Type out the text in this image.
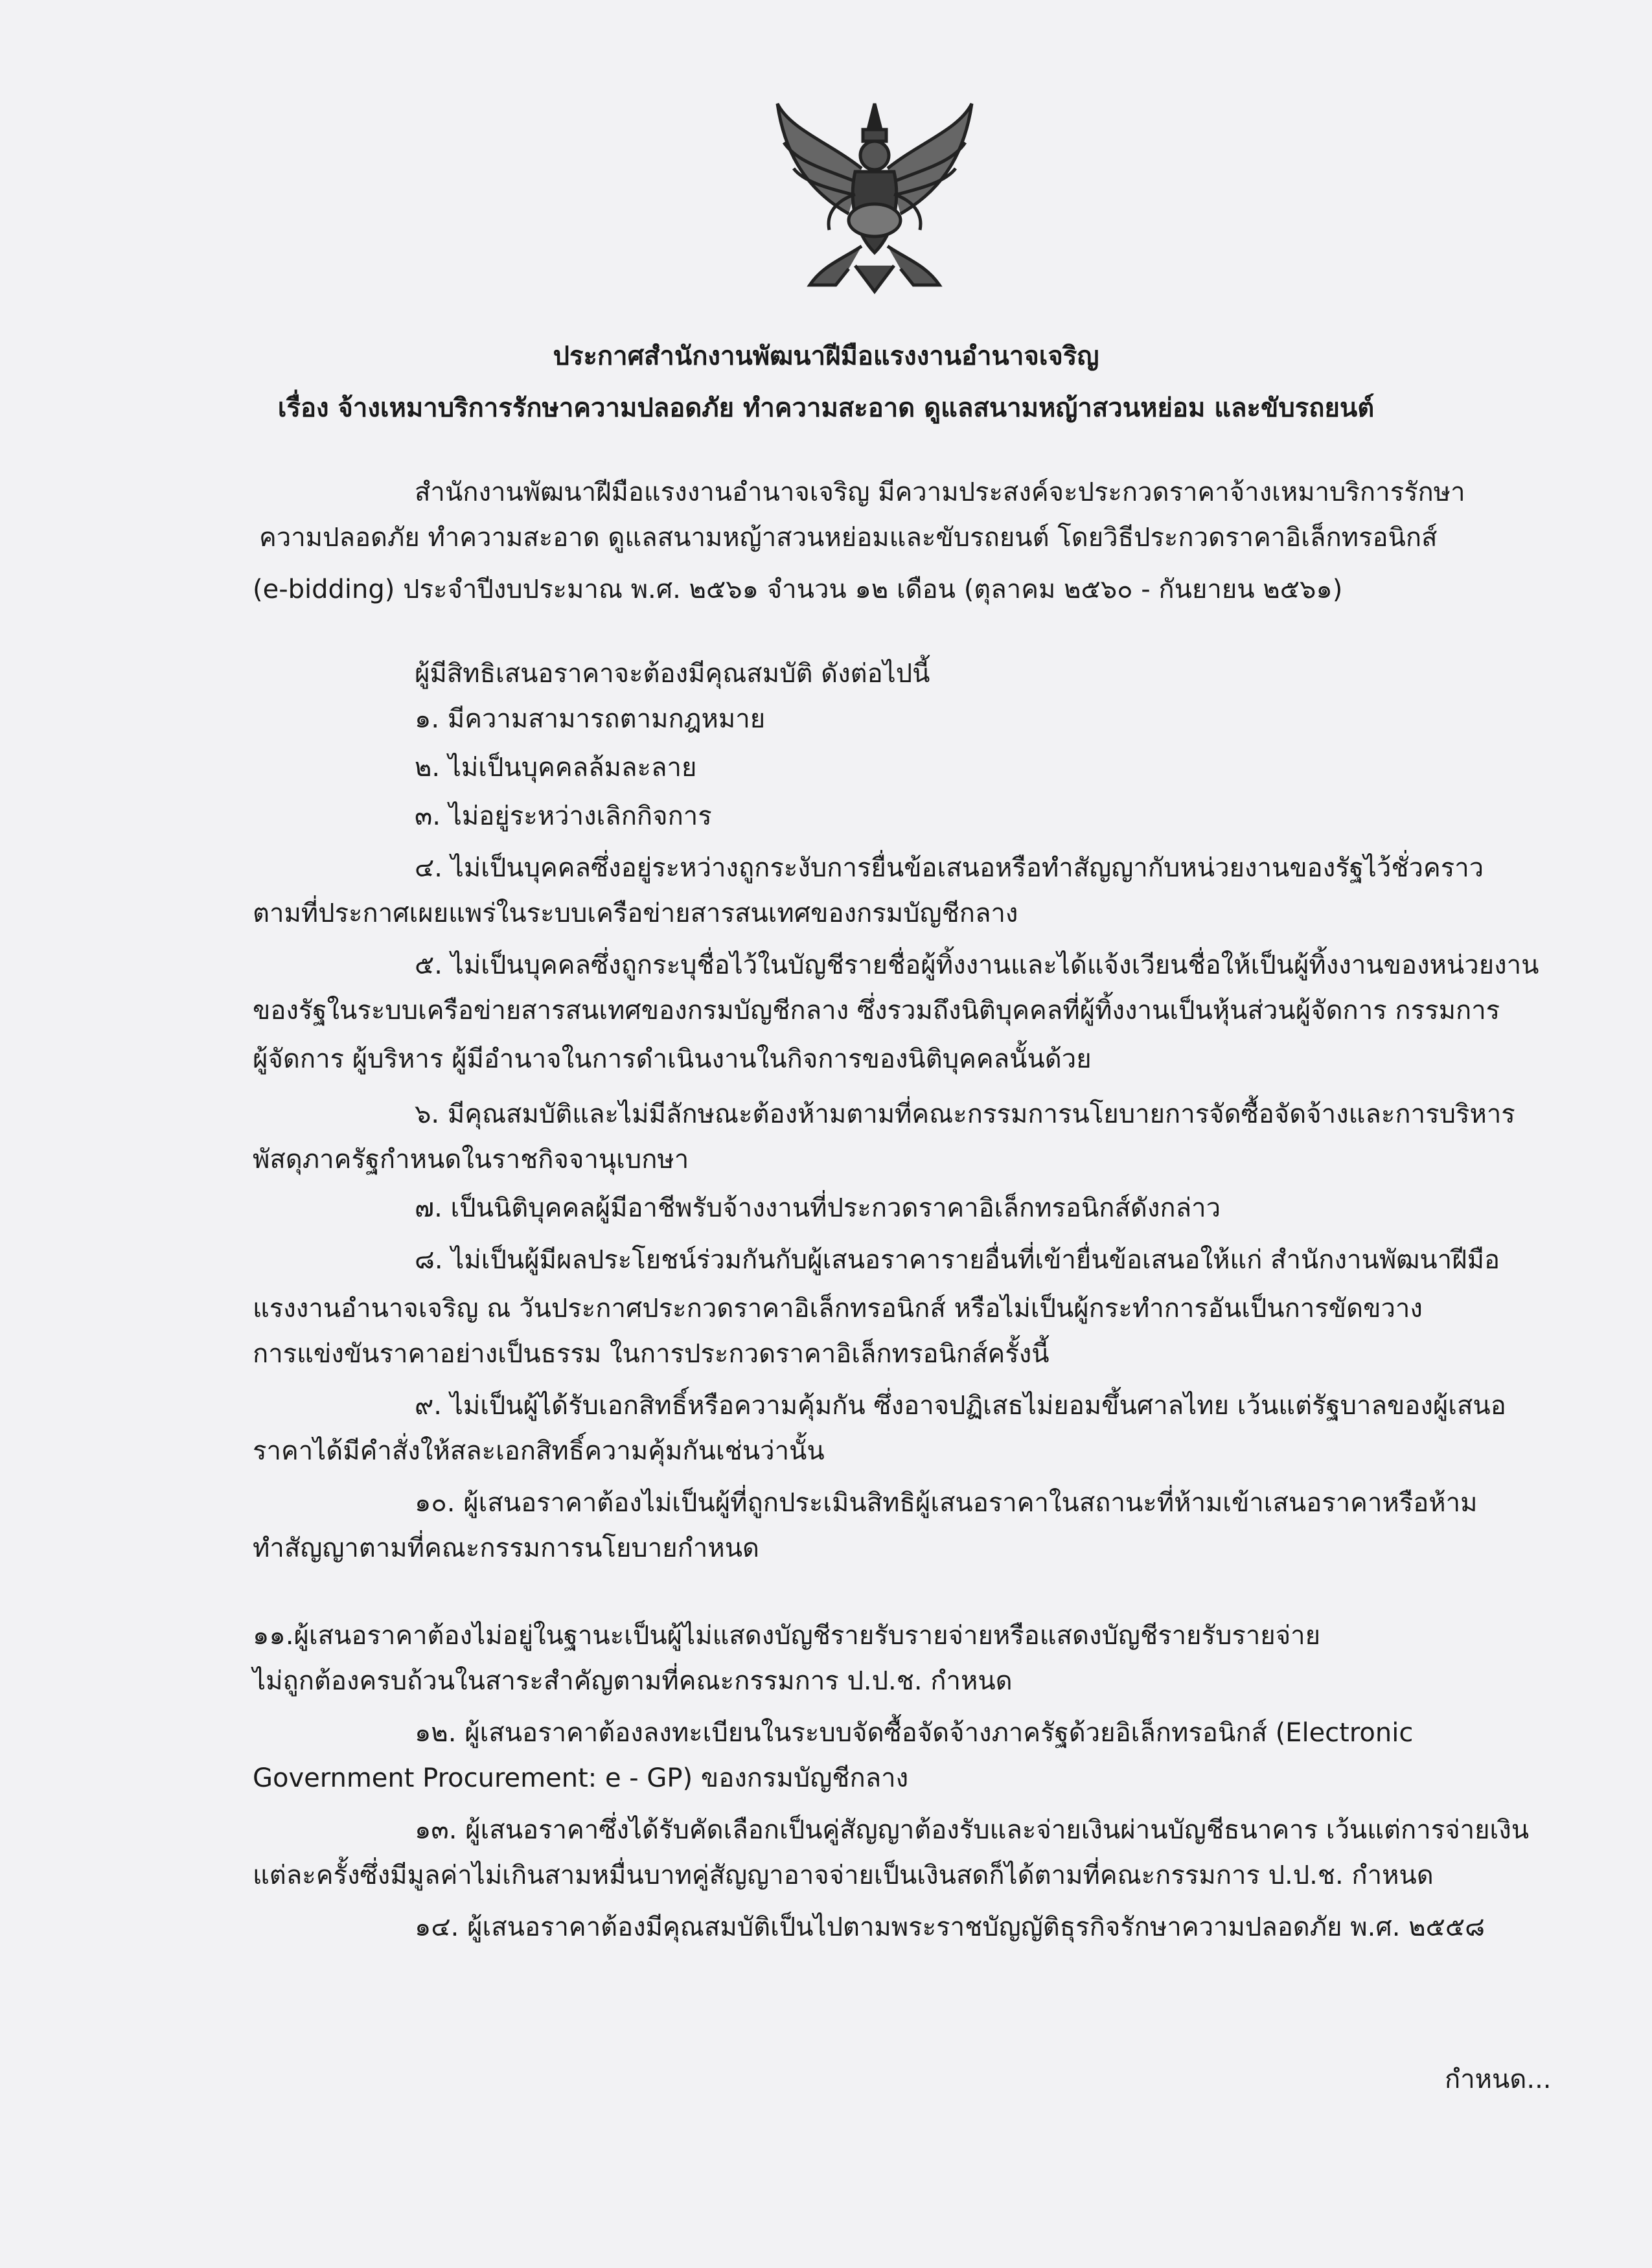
ประกาศสำนักงานพัฒนาฝีมือแรงงานอำนาจเจริญ
เรื่อง จ้างเหมาบริการรักษาความปลอดภัย ทำความสะอาด ดูแลสนามหญ้าสวนหย่อม และขับรถยนต์
สำนักงานพัฒนาฝีมือแรงงานอำนาจเจริญ มีความประสงค์จะประกวดราคาจ้างเหมาบริการรักษา
ความปลอดภัย ทำความสะอาด ดูแลสนามหญ้าสวนหย่อมและขับรถยนต์ โดยวิธีประกวดราคาอิเล็กทรอนิกส์
(e-bidding) ประจำปีงบประมาณ พ.ศ. ๒๕๖๑ จำนวน ๑๒ เดือน (ตุลาคม ๒๕๖๐ - กันยายน ๒๕๖๑)
ผู้มีสิทธิเสนอราคาจะต้องมีคุณสมบัติ ดังต่อไปนี้
๑. มีความสามารถตามกฎหมาย
๒. ไม่เป็นบุคคลล้มละลาย
๓. ไม่อยู่ระหว่างเลิกกิจการ
๔. ไม่เป็นบุคคลซึ่งอยู่ระหว่างถูกระงับการยื่นข้อเสนอหรือทำสัญญากับหน่วยงานของรัฐไว้ชั่วคราว
ตามที่ประกาศเผยแพร่ในระบบเครือข่ายสารสนเทศของกรมบัญชีกลาง
๕. ไม่เป็นบุคคลซึ่งถูกระบุชื่อไว้ในบัญชีรายชื่อผู้ทิ้งงานและได้แจ้งเวียนชื่อให้เป็นผู้ทิ้งงานของหน่วยงาน
ของรัฐในระบบเครือข่ายสารสนเทศของกรมบัญชีกลาง ซึ่งรวมถึงนิติบุคคลที่ผู้ทิ้งงานเป็นหุ้นส่วนผู้จัดการ กรรมการ
ผู้จัดการ ผู้บริหาร ผู้มีอำนาจในการดำเนินงานในกิจการของนิติบุคคลนั้นด้วย
๖. มีคุณสมบัติและไม่มีลักษณะต้องห้ามตามที่คณะกรรมการนโยบายการจัดซื้อจัดจ้างและการบริหาร
พัสดุภาครัฐกำหนดในราชกิจจานุเบกษา
๗. เป็นนิติบุคคลผู้มีอาชีพรับจ้างงานที่ประกวดราคาอิเล็กทรอนิกส์ดังกล่าว
๘. ไม่เป็นผู้มีผลประโยชน์ร่วมกันกับผู้เสนอราคารายอื่นที่เข้ายื่นข้อเสนอให้แก่ สำนักงานพัฒนาฝีมือ
แรงงานอำนาจเจริญ ณ วันประกาศประกวดราคาอิเล็กทรอนิกส์ หรือไม่เป็นผู้กระทำการอันเป็นการขัดขวาง
การแข่งขันราคาอย่างเป็นธรรม ในการประกวดราคาอิเล็กทรอนิกส์ครั้งนี้
๙. ไม่เป็นผู้ได้รับเอกสิทธิ์หรือความคุ้มกัน ซึ่งอาจปฏิเสธไม่ยอมขึ้นศาลไทย เว้นแต่รัฐบาลของผู้เสนอ
ราคาได้มีคำสั่งให้สละเอกสิทธิ์ความคุ้มกันเช่นว่านั้น
๑๐. ผู้เสนอราคาต้องไม่เป็นผู้ที่ถูกประเมินสิทธิผู้เสนอราคาในสถานะที่ห้ามเข้าเสนอราคาหรือห้าม
ทำสัญญาตามที่คณะกรรมการนโยบายกำหนด
๑๑.ผู้เสนอราคาต้องไม่อยู่ในฐานะเป็นผู้ไม่แสดงบัญชีรายรับรายจ่ายหรือแสดงบัญชีรายรับรายจ่าย
ไม่ถูกต้องครบถ้วนในสาระสำคัญตามที่คณะกรรมการ ป.ป.ช. กำหนด
๑๒. ผู้เสนอราคาต้องลงทะเบียนในระบบจัดซื้อจัดจ้างภาครัฐด้วยอิเล็กทรอนิกส์ (Electronic
Government Procurement: e - GP) ของกรมบัญชีกลาง
๑๓. ผู้เสนอราคาซึ่งได้รับคัดเลือกเป็นคู่สัญญาต้องรับและจ่ายเงินผ่านบัญชีธนาคาร เว้นแต่การจ่ายเงิน
แต่ละครั้งซึ่งมีมูลค่าไม่เกินสามหมื่นบาทคู่สัญญาอาจจ่ายเป็นเงินสดก็ได้ตามที่คณะกรรมการ ป.ป.ช. กำหนด
๑๔. ผู้เสนอราคาต้องมีคุณสมบัติเป็นไปตามพระราชบัญญัติธุรกิจรักษาความปลอดภัย พ.ศ. ๒๕๕๘
กำหนด...
